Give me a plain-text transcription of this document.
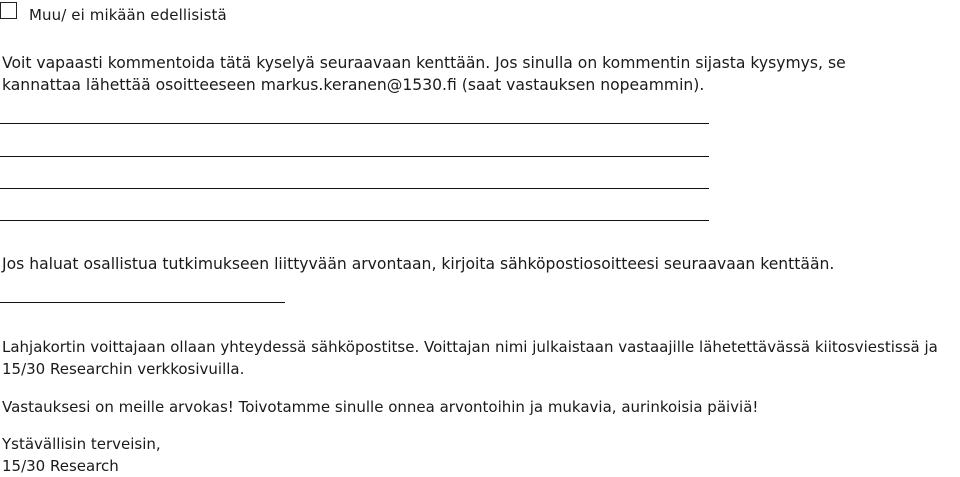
Muu/ ei mikään edellisistä
Voit vapaasti kommentoida tätä kyselyä seuraavaan kenttään. Jos sinulla on kommentin sijasta kysymys, se
kannattaa lähettää osoitteeseen markus.keranen@1530.fi (saat vastauksen nopeammin).
Jos haluat osallistua tutkimukseen liittyvään arvontaan, kirjoita sähköpostiosoitteesi seuraavaan kenttään.
Lahjakortin voittajaan ollaan yhteydessä sähköpostitse. Voittajan nimi julkaistaan vastaajille lähetettävässä kiitosviestissä ja
15/30 Researchin verkkosivuilla.
Vastauksesi on meille arvokas! Toivotamme sinulle onnea arvontoihin ja mukavia, aurinkoisia päiviä!
Ystävällisin terveisin,
15/30 Research
